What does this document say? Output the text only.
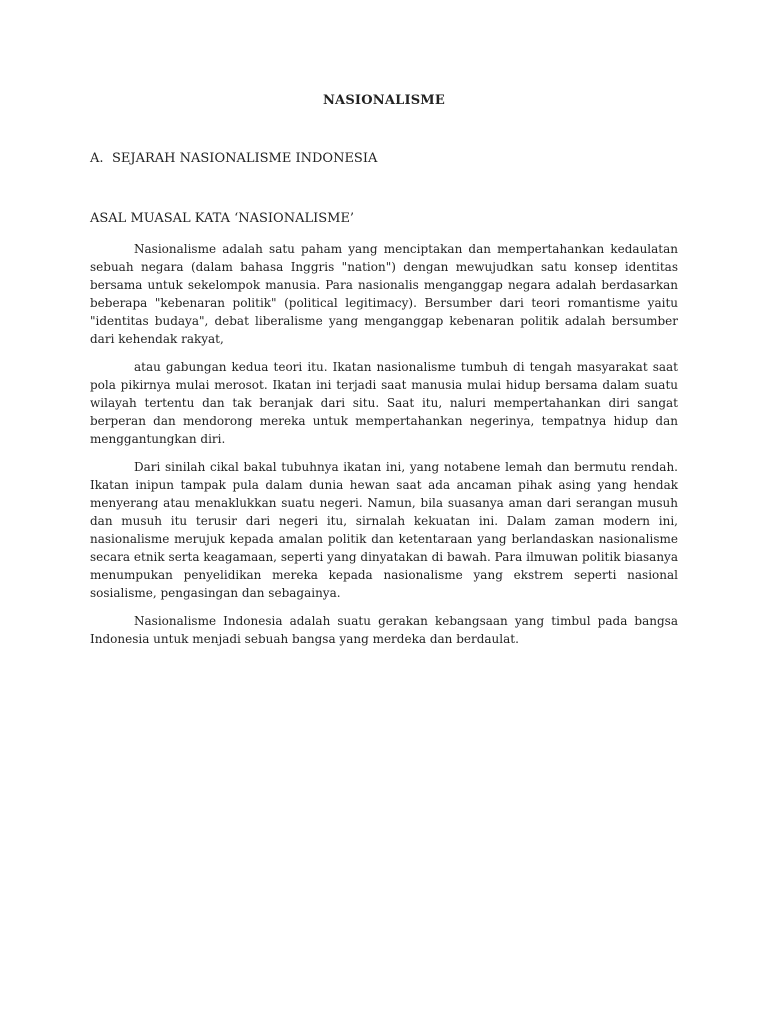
NASIONALISME
A. SEJARAH NASIONALISME INDONESIA
ASAL MUASAL KATA ‘NASIONALISME’

Nasionalisme adalah satu paham yang menciptakan dan mempertahankan kedaulatan sebuah negara (dalam bahasa Inggris "nation") dengan mewujudkan satu konsep identitas bersama untuk sekelompok manusia. Para nasionalis menganggap negara adalah berdasarkan beberapa "kebenaran politik" (political legitimacy). Bersumber dari teori romantisme yaitu "identitas budaya", debat liberalisme yang menganggap kebenaran politik adalah bersumber dari kehendak rakyat,

atau gabungan kedua teori itu. Ikatan nasionalisme tumbuh di tengah masyarakat saat pola pikirnya mulai merosot. Ikatan ini terjadi saat manusia mulai hidup bersama dalam suatu wilayah tertentu dan tak beranjak dari situ. Saat itu, naluri mempertahankan diri sangat berperan dan mendorong mereka untuk mempertahankan negerinya, tempatnya hidup dan menggantungkan diri.

Dari sinilah cikal bakal tubuhnya ikatan ini, yang notabene lemah dan bermutu rendah. Ikatan inipun tampak pula dalam dunia hewan saat ada ancaman pihak asing yang hendak menyerang atau menaklukkan suatu negeri. Namun, bila suasanya aman dari serangan musuh dan musuh itu terusir dari negeri itu, sirnalah kekuatan ini. Dalam zaman modern ini, nasionalisme merujuk kepada amalan politik dan ketentaraan yang berlandaskan nasionalisme secara etnik serta keagamaan, seperti yang dinyatakan di bawah. Para ilmuwan politik biasanya menumpukan penyelidikan mereka kepada nasionalisme yang ekstrem seperti nasional sosialisme, pengasingan dan sebagainya.

Nasionalisme Indonesia adalah suatu gerakan kebangsaan yang timbul pada bangsa Indonesia untuk menjadi sebuah bangsa yang merdeka dan berdaulat.
